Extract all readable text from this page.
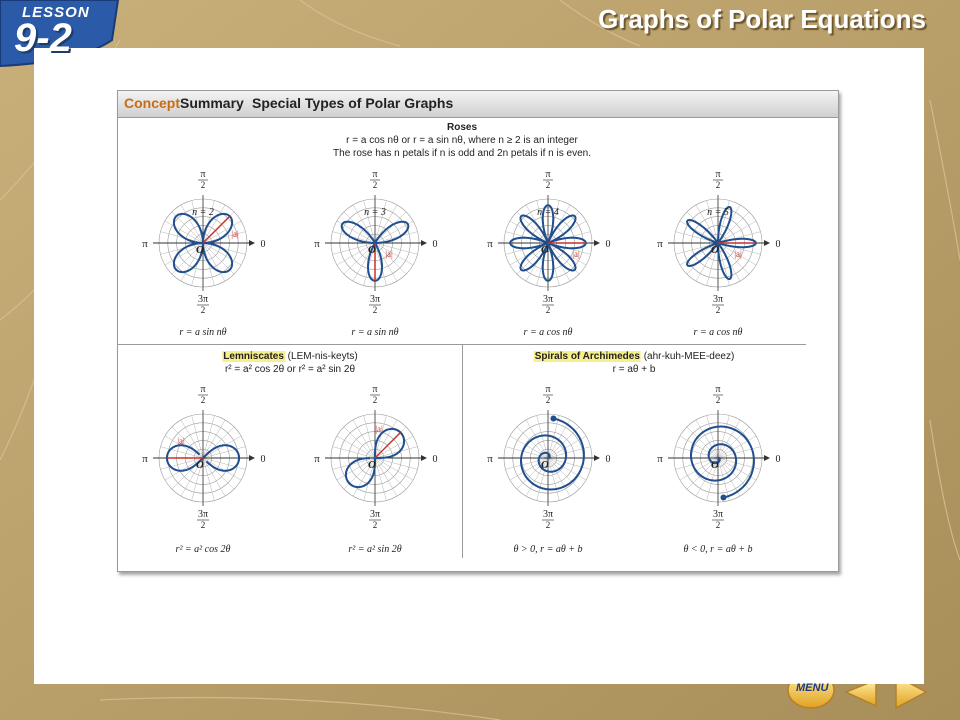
LESSON
9-2	Graphs of Polar Equations
ConceptSummary Special Types of Polar Graphs
Roses
r = a cos nθ or r = a sin nθ, where n ≥ 2 is an integer
The rose has n petals if n is odd and 2n petals if n is even.
Lemniscates (LEM-nis-keyts)
r² = a² cos 2θ or r² = a² sin 2θ
Spirals of Archimedes (ahr-kuh-MEE-deez)
r = aθ + b
π
2
3π
2
π	0
|a|
O
n = 2
r = a sin nθ
π
2
3π
2
π	0
|a|
O
n = 3
r = a sin nθ
π
2
3π
2
π	0
|a|
O
n = 4
r = a cos nθ
π
2
3π
2
π	0
|a|
O
n = 5
r = a cos nθ
π
2
3π
2
π	0
|a|
O
r² = a² cos 2θ
π
2
3π
2
π	0
|a|
O
r² = a² sin 2θ
π
2
3π
2
π	0
O
θ > 0, r = aθ + b
π
2
3π
2
π	0
O
θ < 0, r = aθ + b
MENU
